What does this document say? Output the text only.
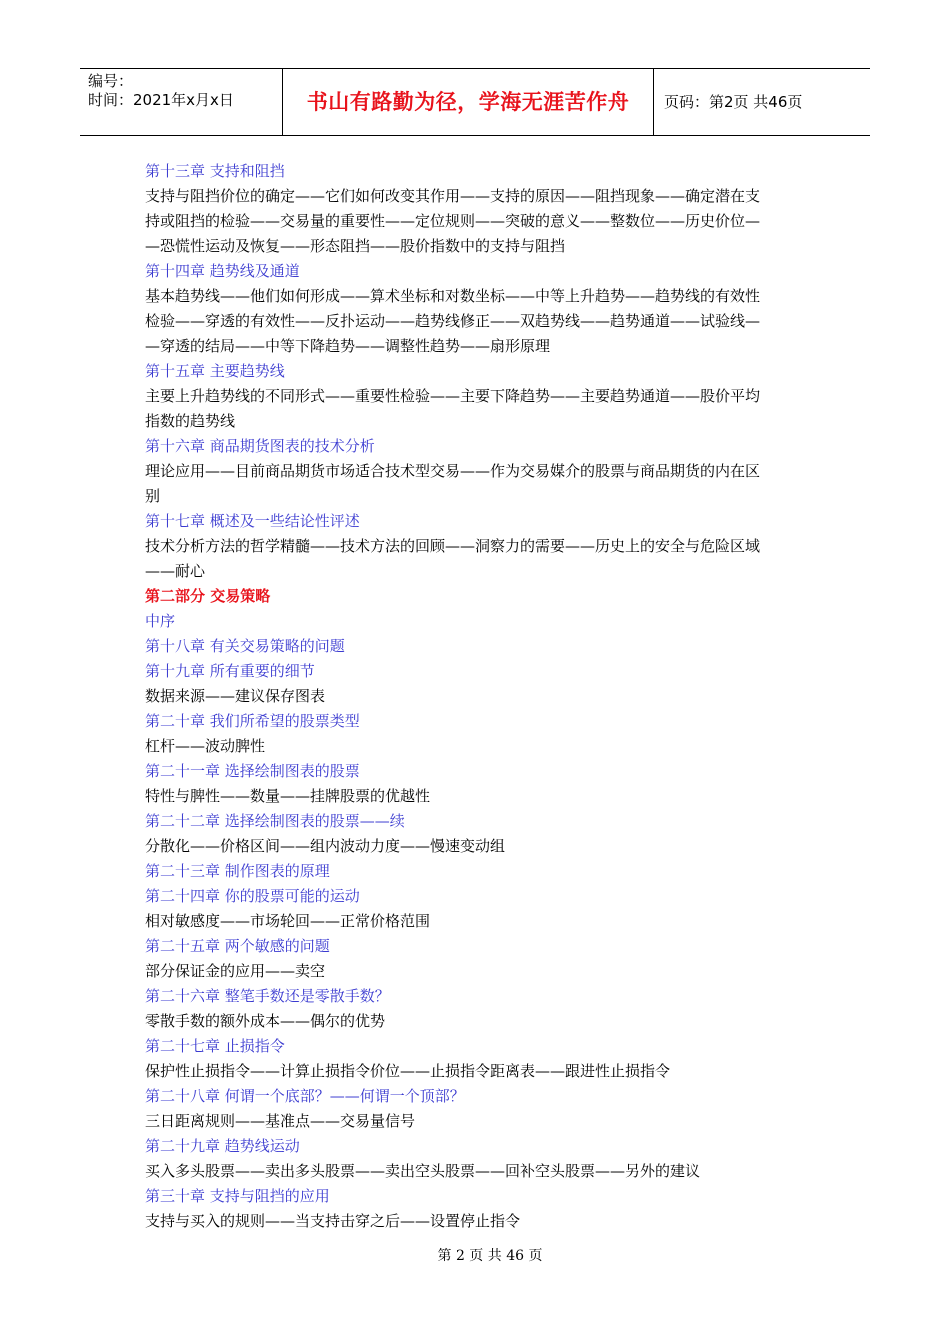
编号：
时间：2021年x月x日	书山有路勤为径，学海无涯苦作舟	页码：第2页 共46页
第十三章 支持和阻挡
支持与阻挡价位的确定——它们如何改变其作用——支持的原因——阻挡现象——确定潜在支
持或阻挡的检验——交易量的重要性——定位规则——突破的意义——整数位——历史价位—
—恐慌性运动及恢复——形态阻挡——股价指数中的支持与阻挡
第十四章 趋势线及通道
基本趋势线——他们如何形成——算术坐标和对数坐标——中等上升趋势——趋势线的有效性
检验——穿透的有效性——反扑运动——趋势线修正——双趋势线——趋势通道——试验线—
—穿透的结局——中等下降趋势——调整性趋势——扇形原理
第十五章 主要趋势线
主要上升趋势线的不同形式——重要性检验——主要下降趋势——主要趋势通道——股价平均
指数的趋势线
第十六章 商品期货图表的技术分析
理论应用——目前商品期货市场适合技术型交易——作为交易媒介的股票与商品期货的内在区
别
第十七章 概述及一些结论性评述
技术分析方法的哲学精髓——技术方法的回顾——洞察力的需要——历史上的安全与危险区域
——耐心
第二部分 交易策略
中序
第十八章 有关交易策略的问题
第十九章 所有重要的细节
数据来源——建议保存图表
第二十章 我们所希望的股票类型
杠杆——波动脾性
第二十一章 选择绘制图表的股票
特性与脾性——数量——挂牌股票的优越性
第二十二章 选择绘制图表的股票——续
分散化——价格区间——组内波动力度——慢速变动组
第二十三章 制作图表的原理
第二十四章 你的股票可能的运动
相对敏感度——市场轮回——正常价格范围
第二十五章 两个敏感的问题
部分保证金的应用——卖空
第二十六章 整笔手数还是零散手数？
零散手数的额外成本——偶尔的优势
第二十七章 止损指令
保护性止损指令——计算止损指令价位——止损指令距离表——跟进性止损指令
第二十八章 何谓一个底部？——何谓一个顶部？
三日距离规则——基准点——交易量信号
第二十九章 趋势线运动
买入多头股票——卖出多头股票——卖出空头股票——回补空头股票——另外的建议
第三十章 支持与阻挡的应用
支持与买入的规则——当支持击穿之后——设置停止指令
第 2 页 共 46 页
